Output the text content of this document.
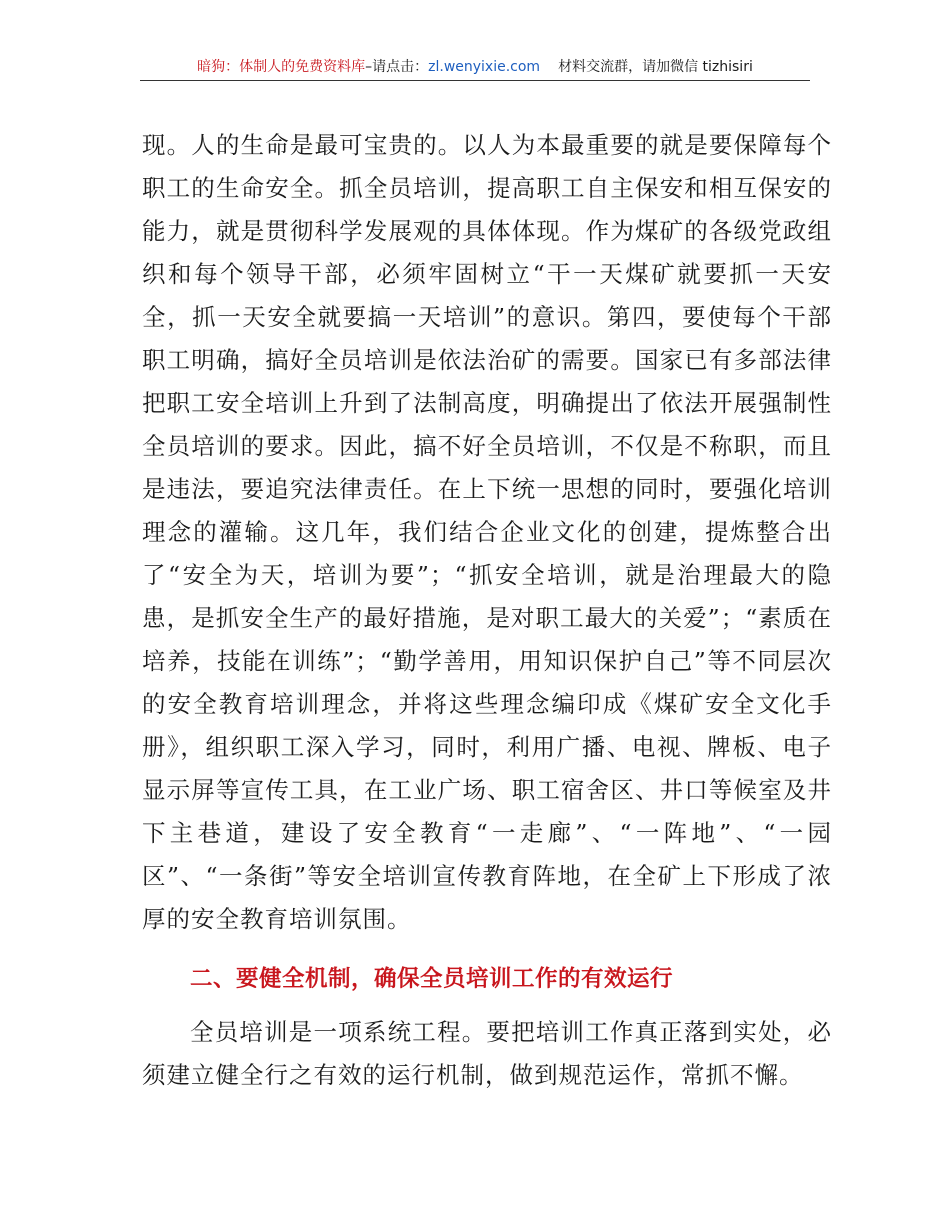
暗狗：体制人的免费资料库–请点击：zl.wenyixie.com 材料交流群，请加微信 tizhisiri

现。人的生命是最可宝贵的。以人为本最重要的就是要保障每个职工的生命安全。抓全员培训，提高职工自主保安和相互保安的能力，就是贯彻科学发展观的具体体现。作为煤矿的各级党政组织和每个领导干部，必须牢固树立“干一天煤矿就要抓一天安全，抓一天安全就要搞一天培训”的意识。第四，要使每个干部职工明确，搞好全员培训是依法治矿的需要。国家已有多部法律把职工安全培训上升到了法制高度，明确提出了依法开展强制性全员培训的要求。因此，搞不好全员培训，不仅是不称职，而且是违法，要追究法律责任。在上下统一思想的同时，要强化培训理念的灌输。这几年，我们结合企业文化的创建，提炼整合出了“安全为天，培训为要”；“抓安全培训，就是治理最大的隐患，是抓安全生产的最好措施，是对职工最大的关爱”；“素质在培养，技能在训练”；“勤学善用，用知识保护自己”等不同层次的安全教育培训理念，并将这些理念编印成《煤矿安全文化手册》，组织职工深入学习，同时，利用广播、电视、牌板、电子显示屏等宣传工具，在工业广场、职工宿舍区、井口等候室及井下主巷道，建设了安全教育“一走廊”、“一阵地”、“一园区”、“一条街”等安全培训宣传教育阵地，在全矿上下形成了浓厚的安全教育培训氛围。

二、要健全机制，确保全员培训工作的有效运行

全员培训是一项系统工程。要把培训工作真正落到实处，必须建立健全行之有效的运行机制，做到规范运作，常抓不懈。
